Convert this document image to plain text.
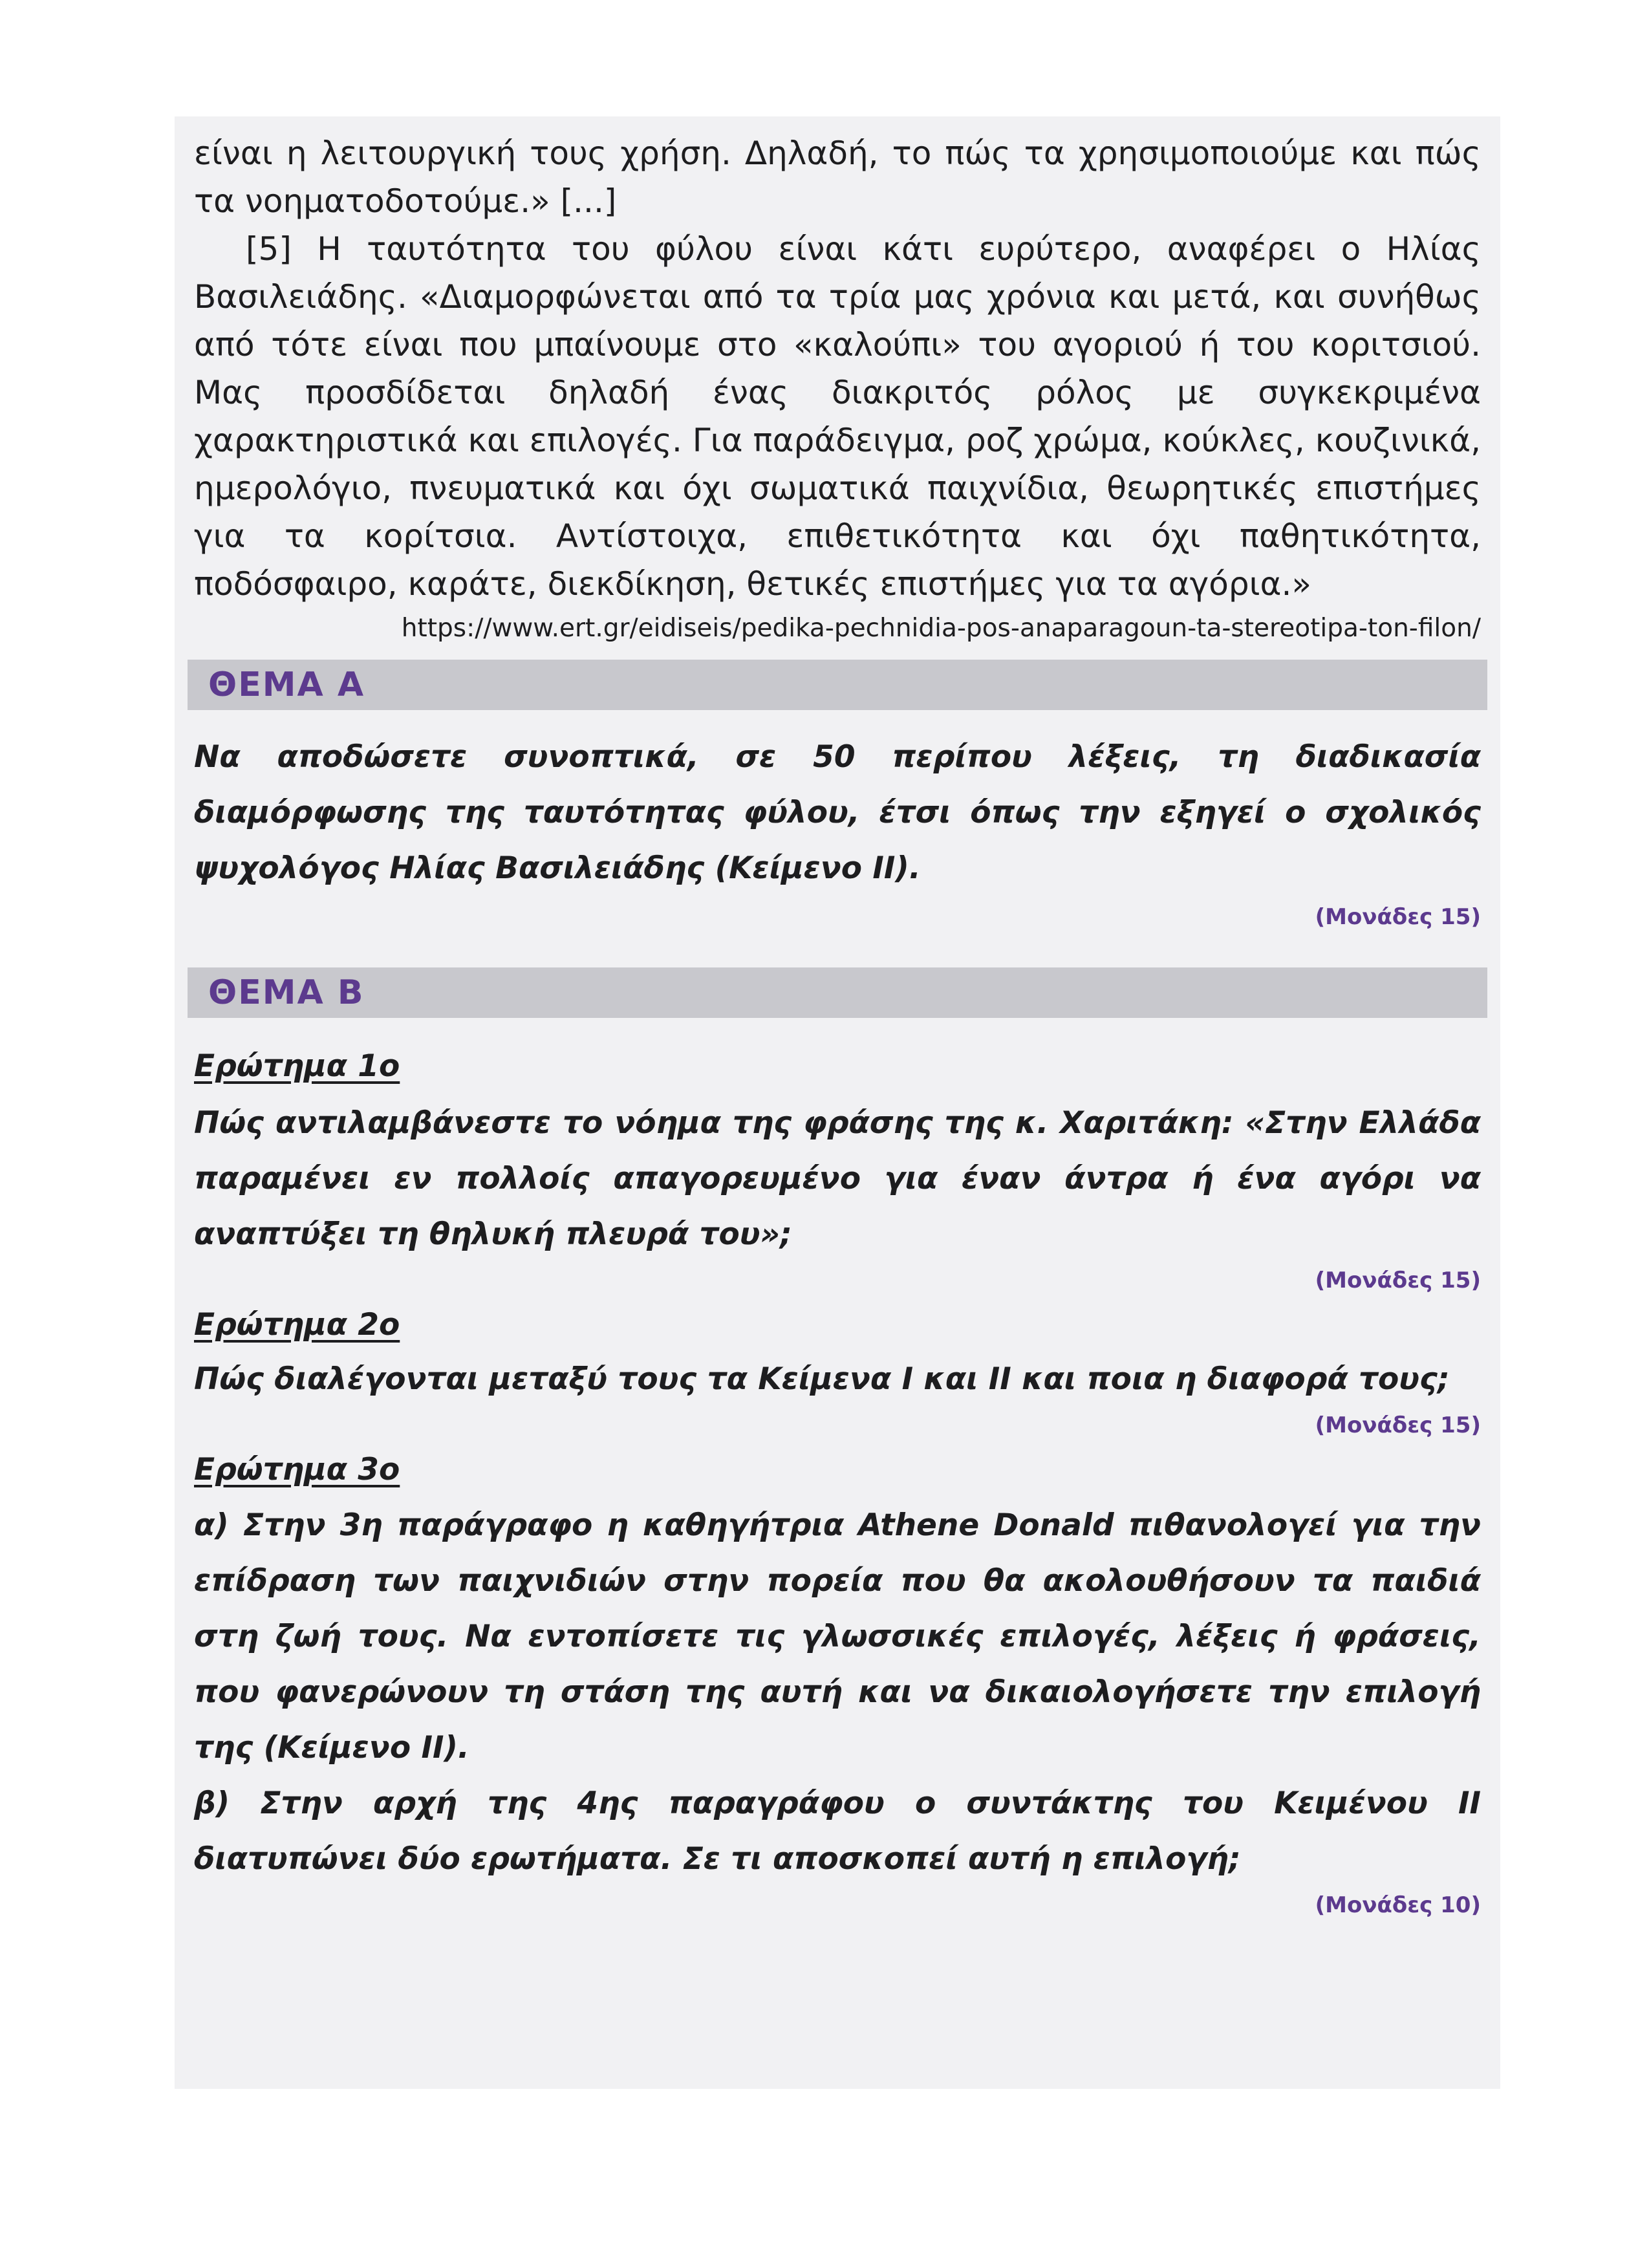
είναι η λειτουργική τους χρήση. Δηλαδή, το πώς τα χρησιμοποιούμε και πώς τα νοηματοδοτούμε.» [...]

[5] Η ταυτότητα του φύλου είναι κάτι ευρύτερο, αναφέρει ο Ηλίας Βασιλειάδης. «Διαμορφώνεται από τα τρία μας χρόνια και μετά, και συνήθως από τότε είναι που μπαίνουμε στο «καλούπι» του αγοριού ή του κοριτσιού. Μας προσδίδεται δηλαδή ένας διακριτός ρόλος με συγκεκριμένα χαρακτηριστικά και επιλογές. Για παράδειγμα, ροζ χρώμα, κούκλες, κουζινικά, ημερολόγιο, πνευματικά και όχι σωματικά παιχνίδια, θεωρητικές επιστήμες για τα κορίτσια. Αντίστοιχα, επιθετικότητα και όχι παθητικότητα, ποδόσφαιρο, καράτε, διεκδίκηση, θετικές επιστήμες για τα αγόρια.»

https://www.ert.gr/eidiseis/pedika-pechnidia-pos-anaparagoun-ta-stereotipa-ton-filon/

ΘΕΜΑ Α

Να αποδώσετε συνοπτικά, σε 50 περίπου λέξεις, τη διαδικασία διαμόρφωσης της ταυτότητας φύλου, έτσι όπως την εξηγεί ο σχολικός ψυχολόγος Ηλίας Βασιλειάδης (Κείμενο ΙΙ).

(Μονάδες 15)

ΘΕΜΑ Β

Ερώτημα 1ο

Πώς αντιλαμβάνεστε το νόημα της φράσης της κ. Χαριτάκη: «Στην Ελλάδα παραμένει εν πολλοίς απαγορευμένο για έναν άντρα ή ένα αγόρι να αναπτύξει τη θηλυκή πλευρά του»;

(Μονάδες 15)

Ερώτημα 2ο

Πώς διαλέγονται μεταξύ τους τα Κείμενα Ι και ΙΙ και ποια η διαφορά τους;

(Μονάδες 15)

Ερώτημα 3ο

α) Στην 3η παράγραφο η καθηγήτρια Athene Donald πιθανολογεί για την επίδραση των παιχνιδιών στην πορεία που θα ακολουθήσουν τα παιδιά στη ζωή τους. Να εντοπίσετε τις γλωσσικές επιλογές, λέξεις ή φράσεις, που φανερώνουν τη στάση της αυτή και να δικαιολογήσετε την επιλογή της (Κείμενο ΙΙ).

β) Στην αρχή της 4ης παραγράφου ο συντάκτης του Κειμένου ΙΙ διατυπώνει δύο ερωτήματα. Σε τι αποσκοπεί αυτή η επιλογή;

(Μονάδες 10)
